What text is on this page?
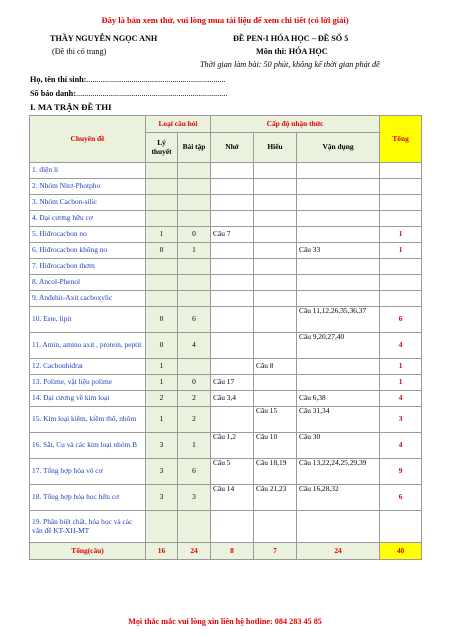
Đây là bản xem thử, vui lòng mua tài liệu để xem chi tiết (có lời giải)
THẦY NGUYỄN NGỌC ANH	ĐỀ PEN-I HÓA HỌC – ĐỀ SỐ 5
(Đề thi có trang)	Môn thi: HÓA HỌC
Thời gian làm bài: 50 phút, không kể thời gian phát đề
Họ, tên thí sinh:....................................................................
Số báo danh:..........................................................................
I. MA TRẬN ĐỀ THI
Chuyên đề	Loại câu hỏi		Cấp độ nhận thức			Tổng
	Lý thuyết	Bài tập	Nhớ	Hiểu	Vận dụng	
1. điện li						
2. Nhóm Nitơ-Photpho						
3. Nhóm Cacbon-silic						
4. Đại cương hữu cơ						
5. Hiđrocacbon no	1	0	Câu 7			1
6. Hiđrocacbon không no	0	1			Câu 33	1
7. Hiđrocacbon thơm						
8. Ancol-Phenol						
9. Anđehit-Axit cacboxylic						
10. Este, lipit	0	6			Câu 11,12,26,35,36,37	6
11. Amin, amino axit , protein, peptit	0	4			Câu 9,20,27,40	4
12. Cacbonhiđrat	1			Câu 8		1
13. Polime, vật liệu polime	1	0	Câu 17			1
14. Đại cương về kim loại	2	2	Câu 3,4		Câu 6,38	4
15. Kim loại kiềm, kiềm thổ, nhôm	1	2		Câu 15	Câu 31,34	3
16. Sắt, Cu và các kim loại nhóm B	3	1	Câu 1,2	Câu 10	Câu 30	4
17. Tổng hợp hóa vô cơ	3	6	Câu 5	Câu 18,19	Câu 13,22,24,25,29,39	9
18. Tổng hợp hóa học hữu cơ	3	3	Câu 14	Câu 21,23	Câu 16,28,32	6
19. Phân biệt chất, hóa học và các vấn đề KT-XH-MT						
Tổng(câu)	16	24	8	7	24	40
Mọi thắc mắc vui lòng xin liên hệ hotline: 084 283 45 85
